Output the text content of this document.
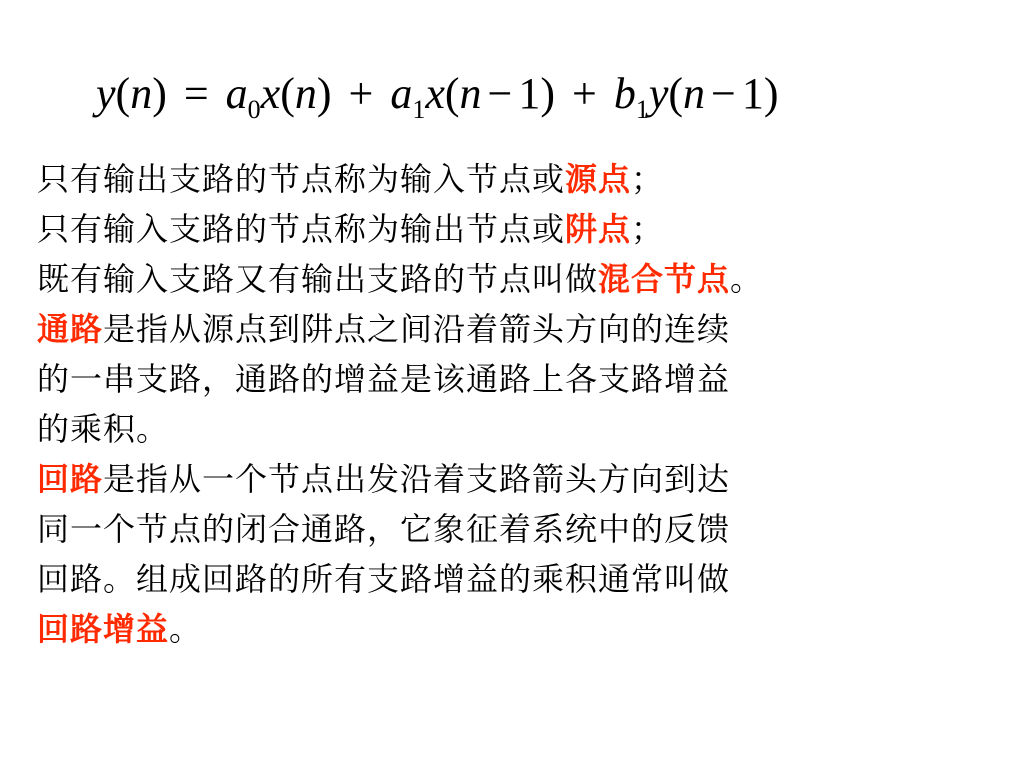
$y(n) = a_0x(n) + a_1x(n - 1) + b_1y(n - 1)$
只有输出支路的节点称为输入节点或源点；
只有输入支路的节点称为输出节点或阱点；
既有输入支路又有输出支路的节点叫做混合节点。
通路是指从源点到阱点之间沿着箭头方向的连续
的一串支路，通路的增益是该通路上各支路增益
的乘积。
回路是指从一个节点出发沿着支路箭头方向到达
同一个节点的闭合通路，它象征着系统中的反馈
回路。组成回路的所有支路增益的乘积通常叫做
回路增益。
